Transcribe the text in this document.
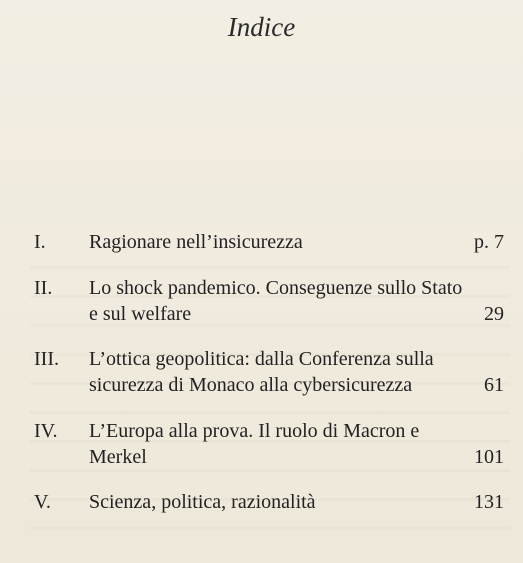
Indice
I.	Ragionare nell’insicurezza	p. 7
II.	Lo shock pandemico. Conseguenze sullo Stato e sul welfare	29
III.	L’ottica geopolitica: dalla Conferenza sulla sicurezza di Monaco alla cybersicurezza	61
IV.	L’Europa alla prova. Il ruolo di Macron e Merkel	101
V.	Scienza, politica, razionalità	131
